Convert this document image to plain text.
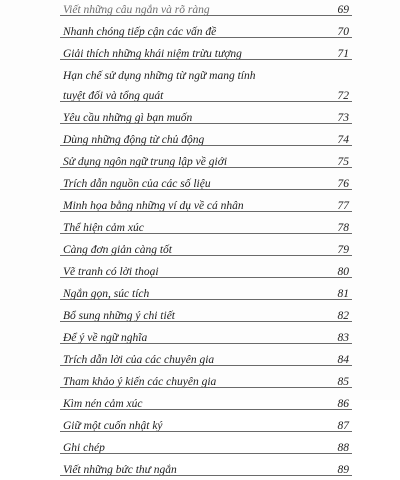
Viết những câu ngắn và rõ ràng	69
Nhanh chóng tiếp cận các vấn đề	70
Giải thích những khái niệm trừu tượng	71
Hạn chế sử dụng những từ ngữ mang tính
tuyệt đối và tổng quát	72
Yêu cầu những gì bạn muốn	73
Dùng những động từ chủ động	74
Sử dụng ngôn ngữ trung lập về giới	75
Trích dẫn nguồn của các số liệu	76
Minh họa bằng những ví dụ về cá nhân	77
Thể hiện cảm xúc	78
Càng đơn giản càng tốt	79
Vẽ tranh có lời thoại	80
Ngắn gọn, súc tích	81
Bổ sung những ý chi tiết	82
Để ý về ngữ nghĩa	83
Trích dẫn lời của các chuyên gia	84
Tham khảo ý kiến các chuyên gia	85
Kìm nén cảm xúc	86
Giữ một cuốn nhật ký	87
Ghi chép	88
Viết những bức thư ngắn	89
